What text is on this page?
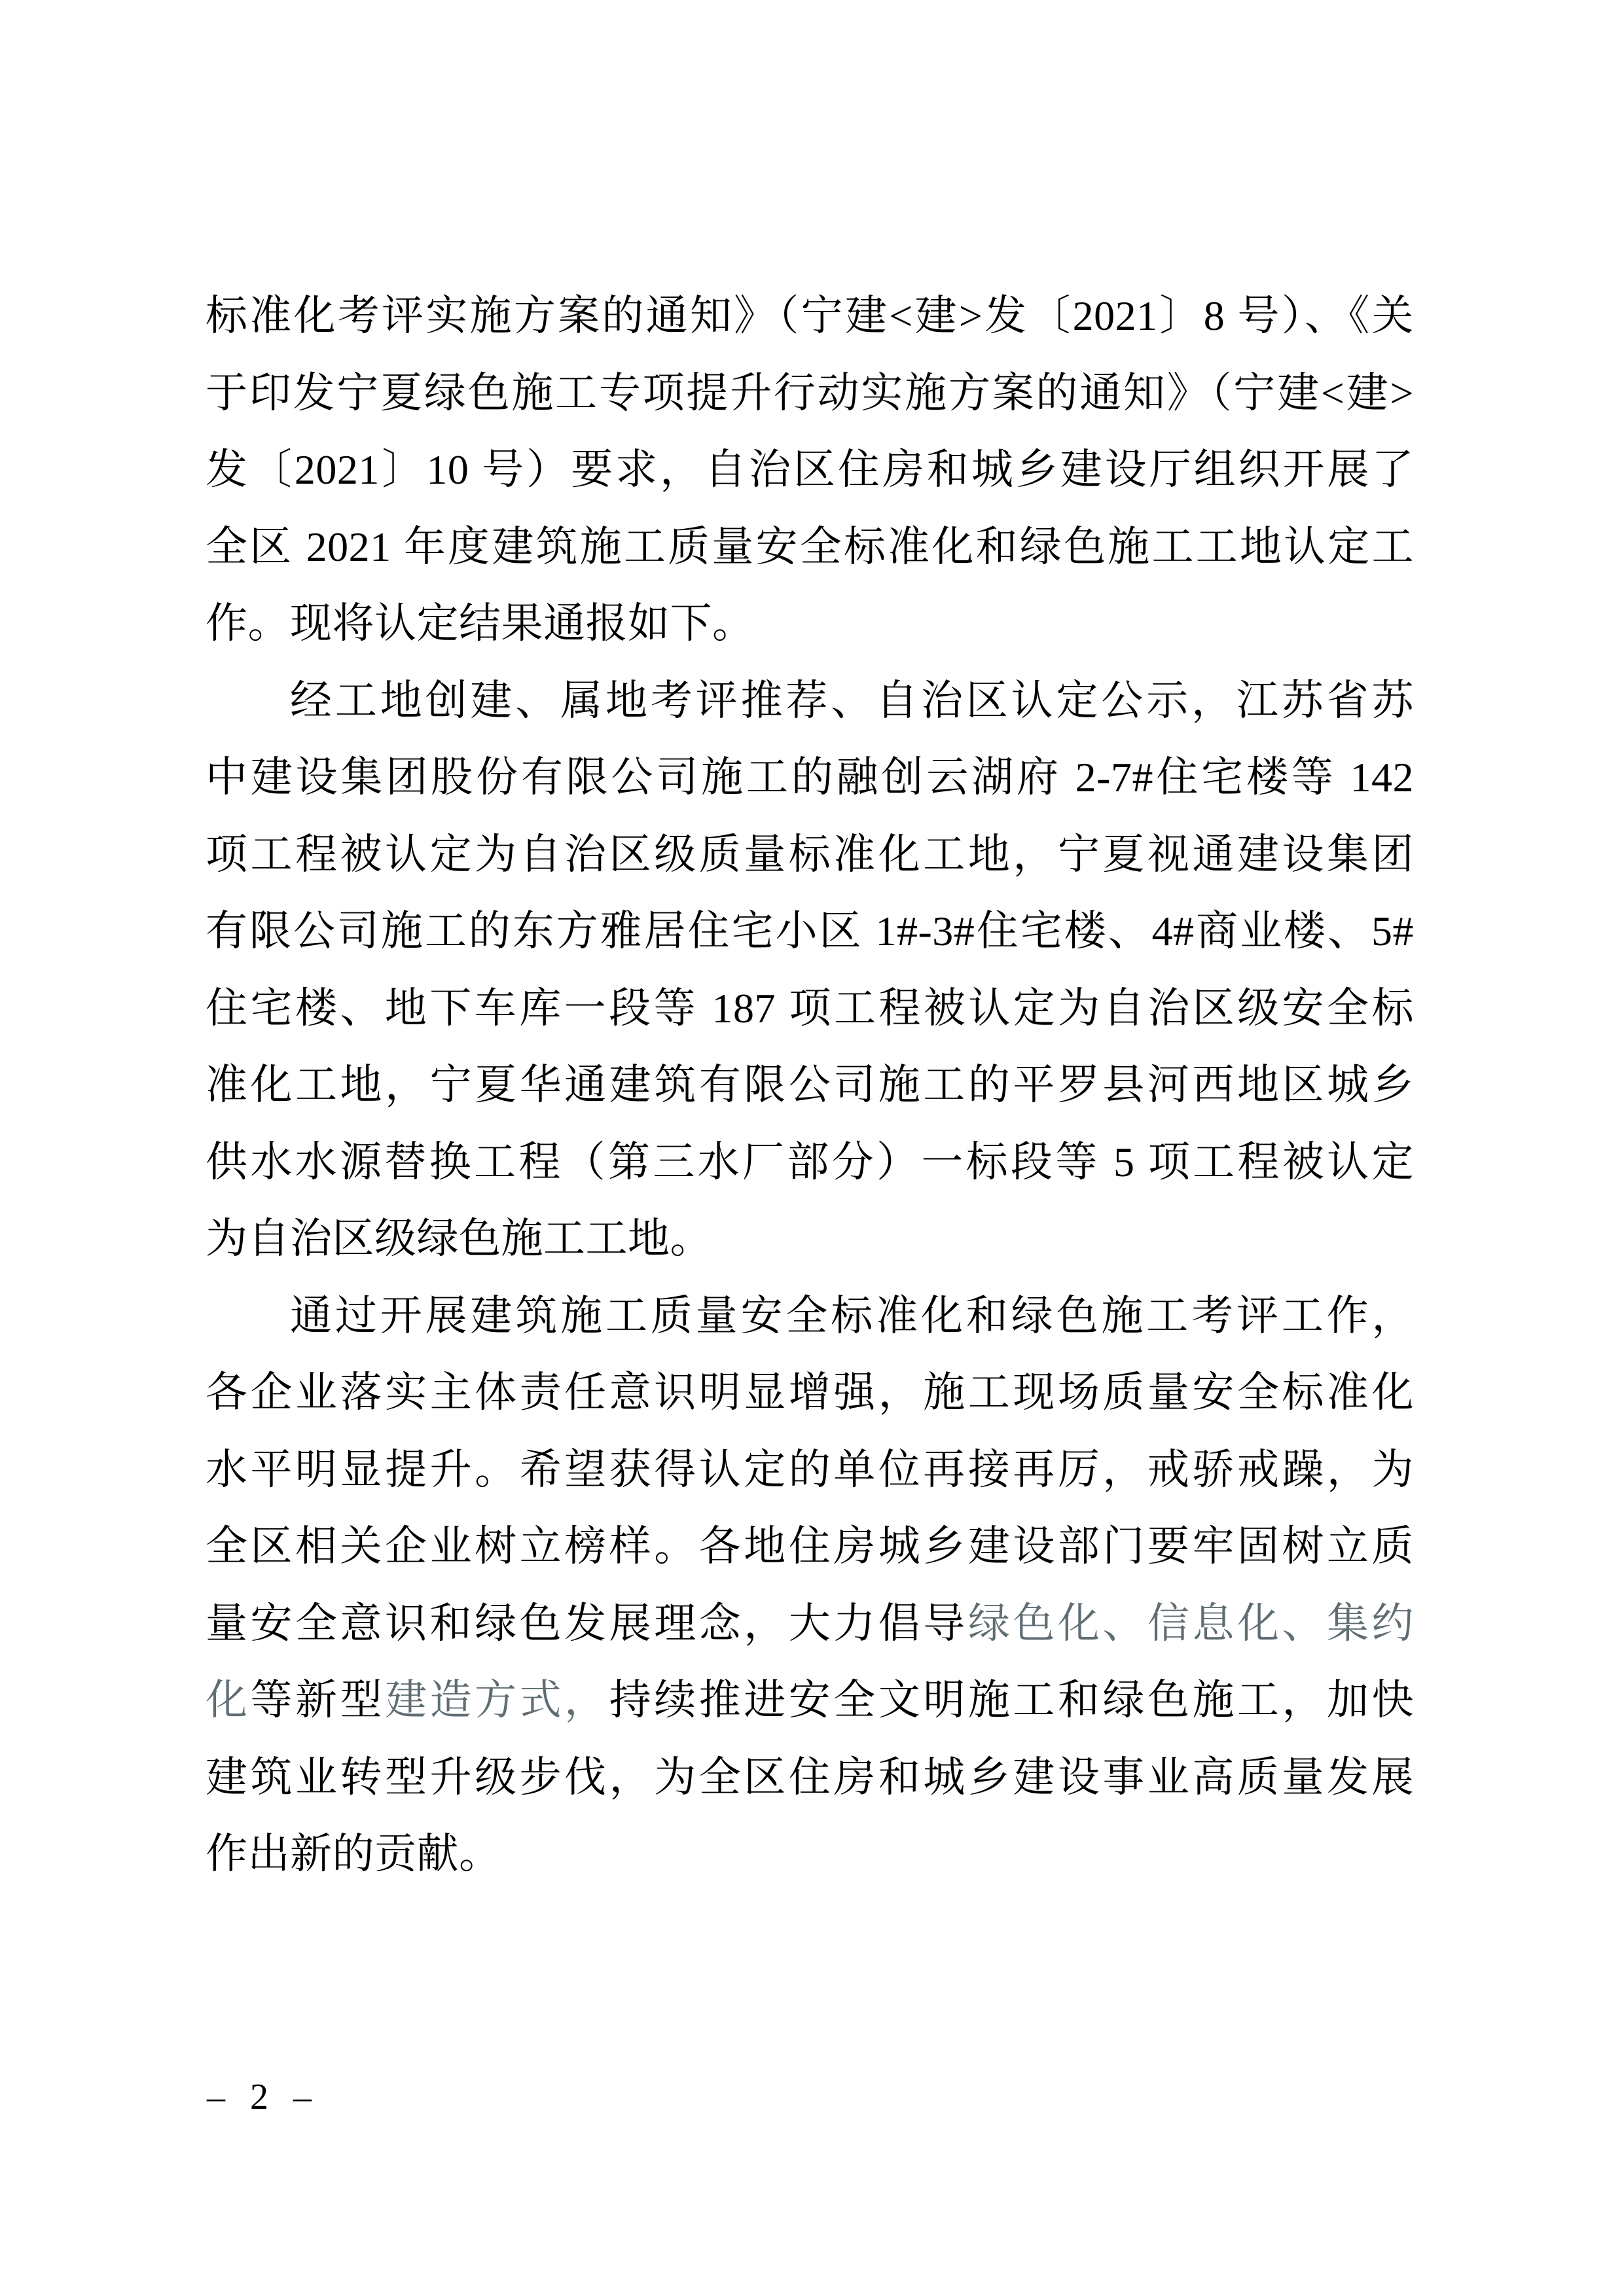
标准化考评实施方案的通知》（宁建<建>发〔2021〕8 号）、《关
于印发宁夏绿色施工专项提升行动实施方案的通知》（宁建<建>
发〔2021〕10 号）要求，自治区住房和城乡建设厅组织开展了
全区 2021 年度建筑施工质量安全标准化和绿色施工工地认定工
作。现将认定结果通报如下。
经工地创建、属地考评推荐、自治区认定公示，江苏省苏
中建设集团股份有限公司施工的融创云湖府 2-7#住宅楼等 142
项工程被认定为自治区级质量标准化工地，宁夏视通建设集团
有限公司施工的东方雅居住宅小区 1#-3#住宅楼、4#商业楼、5#
住宅楼、地下车库一段等 187 项工程被认定为自治区级安全标
准化工地，宁夏华通建筑有限公司施工的平罗县河西地区城乡
供水水源替换工程（第三水厂部分）一标段等 5 项工程被认定
为自治区级绿色施工工地。
通过开展建筑施工质量安全标准化和绿色施工考评工作，
各企业落实主体责任意识明显增强，施工现场质量安全标准化
水平明显提升。希望获得认定的单位再接再厉，戒骄戒躁，为
全区相关企业树立榜样。各地住房城乡建设部门要牢固树立质
量安全意识和绿色发展理念，大力倡导绿色化、信息化、集约
化等新型建造方式，持续推进安全文明施工和绿色施工，加快
建筑业转型升级步伐，为全区住房和城乡建设事业高质量发展
作出新的贡献。
– 2 –
